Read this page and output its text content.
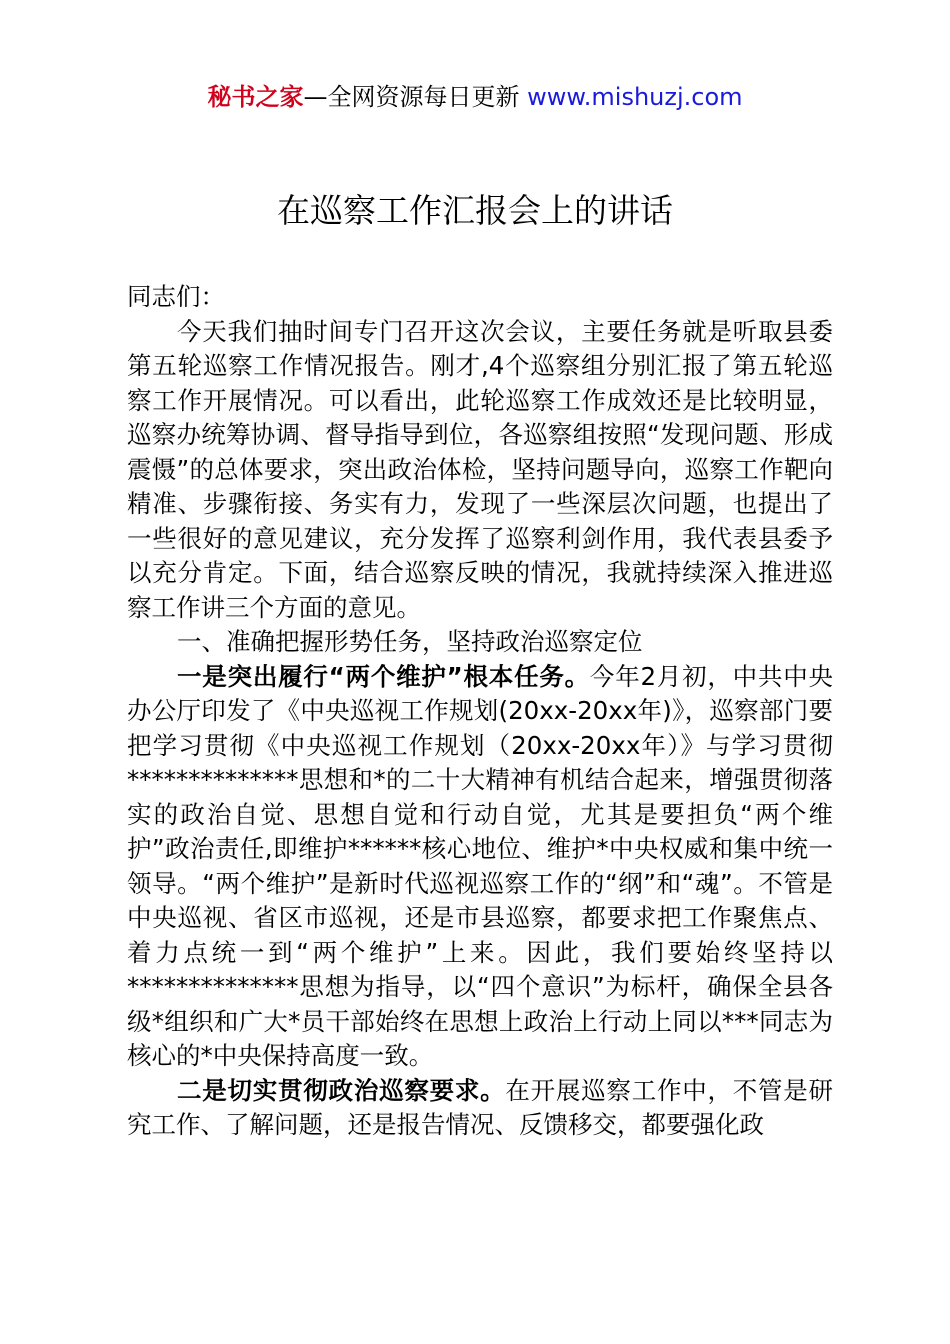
秘书之家—全网资源每日更新 www.mishuzj.com
在巡察工作汇报会上的讲话

同志们：

今天我们抽时间专门召开这次会议，主要任务就是听取县委第五轮巡察工作情况报告。刚才,4个巡察组分别汇报了第五轮巡察工作开展情况。可以看出，此轮巡察工作成效还是比较明显，巡察办统筹协调、督导指导到位，各巡察组按照“发现问题、形成震慑”的总体要求，突出政治体检，坚持问题导向，巡察工作靶向精准、步骤衔接、务实有力，发现了一些深层次问题，也提出了一些很好的意见建议，充分发挥了巡察利剑作用，我代表县委予以充分肯定。下面，结合巡察反映的情况，我就持续深入推进巡察工作讲三个方面的意见。

一、准确把握形势任务，坚持政治巡察定位

一是突出履行“两个维护”根本任务。今年2月初，中共中央办公厅印发了《中央巡视工作规划(20xx-20xx年)》，巡察部门要把学习贯彻《中央巡视工作规划（20xx-20xx年）》与学习贯彻**************思想和*的二十大精神有机结合起来，增强贯彻落实的政治自觉、思想自觉和行动自觉，尤其是要担负“两个维护”政治责任,即维护******核心地位、维护*中央权威和集中统一领导。“两个维护”是新时代巡视巡察工作的“纲”和“魂”。不管是中央巡视、省区市巡视，还是市县巡察，都要求把工作聚焦点、着力点统一到“两个维护”上来。因此，我们要始终坚持以**************思想为指导，以“四个意识”为标杆，确保全县各级*组织和广大*员干部始终在思想上政治上行动上同以***同志为核心的*中央保持高度一致。

二是切实贯彻政治巡察要求。在开展巡察工作中，不管是研究工作、了解问题，还是报告情况、反馈移交，都要强化政
